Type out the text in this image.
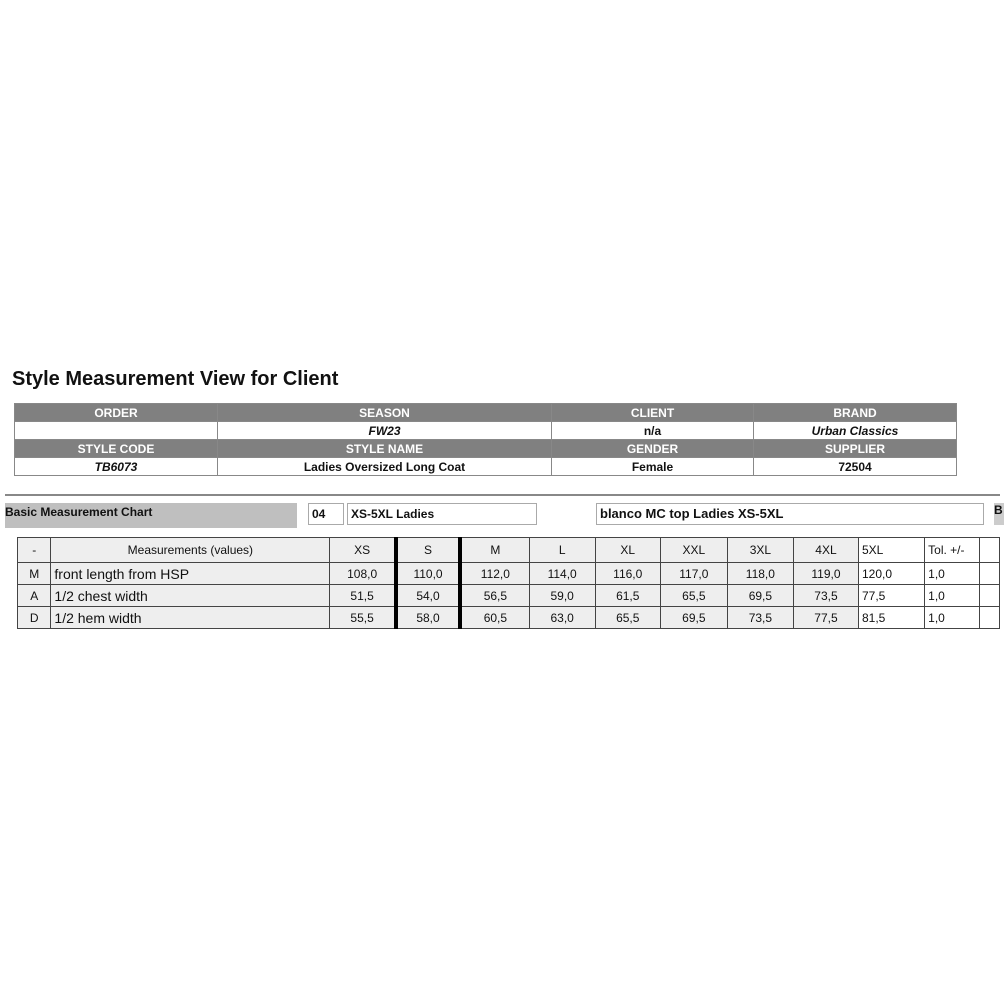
Style Measurement View for Client
ORDER	SEASON	CLIENT	BRAND
	FW23	n/a	Urban Classics
STYLE CODE	STYLE NAME	GENDER	SUPPLIER
TB6073	Ladies Oversized Long Coat	Female	72504
Basic Measurement Chart	04	XS-5XL Ladies	blanco MC top Ladies XS-5XL	B
-	Measurements (values)	XS	S	M	L	XL	XXL	3XL	4XL	5XL	Tol. +/-	
M	front length from HSP	108,0	110,0	112,0	114,0	116,0	117,0	118,0	119,0	120,0	1,0	
A	1/2 chest width	51,5	54,0	56,5	59,0	61,5	65,5	69,5	73,5	77,5	1,0	
D	1/2 hem width	55,5	58,0	60,5	63,0	65,5	69,5	73,5	77,5	81,5	1,0	
